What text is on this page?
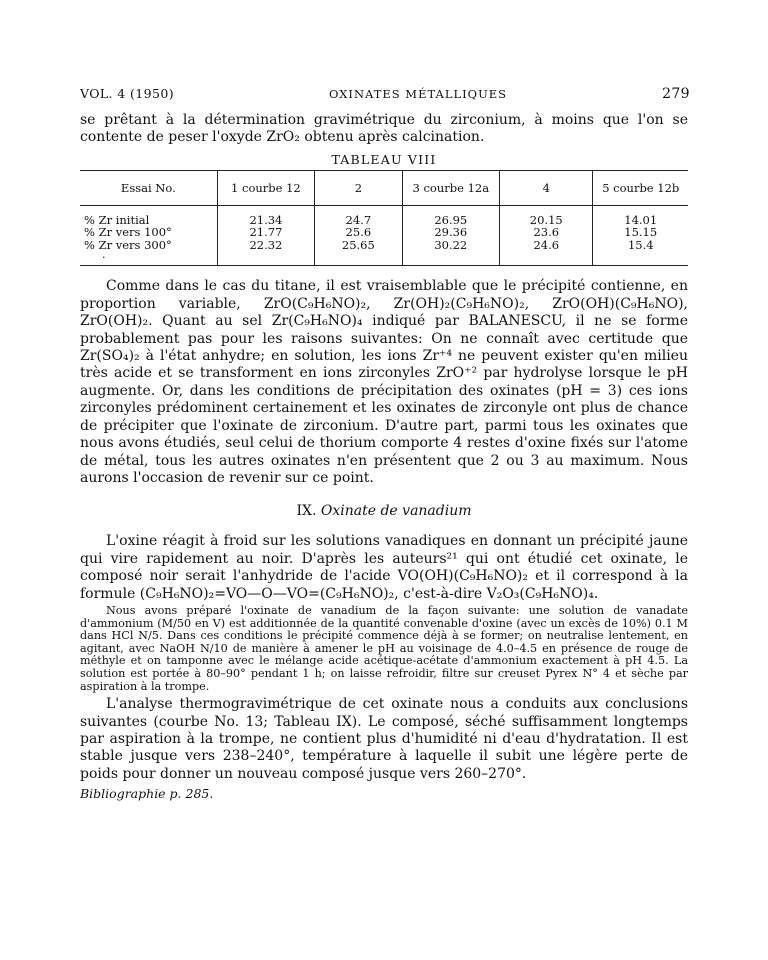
VOL. 4 (1950)	OXINATES MÉTALLIQUES	279

se prêtant à la détermination gravimétrique du zirconium, à moins que l'on se contente de peser l'oxyde ZrO₂ obtenu après calcination.

TABLEAU VIII
Essai No.	1 courbe 12	2	3 courbe 12a	4	5 courbe 12b
% Zr initial	21.34	24.7	26.95	20.15	14.01
% Zr vers 100°	21.77	25.6	29.36	23.6	15.15
% Zr vers 300°	22.32	25.65	30.22	24.6	15.4
·					

Comme dans le cas du titane, il est vraisemblable que le précipité contienne, en proportion variable, ZrO(C₉H₆NO)₂, Zr(OH)₂(C₉H₆NO)₂, ZrO(OH)(C₉H₆NO), ZrO(OH)₂. Quant au sel Zr(C₉H₆NO)₄ indiqué par BALANESCU, il ne se forme probablement pas pour les raisons suivantes: On ne connaît avec certitude que Zr(SO₄)₂ à l'état anhydre; en solution, les ions Zr⁺⁴ ne peuvent exister qu'en milieu très acide et se transforment en ions zirconyles ZrO⁺² par hydrolyse lorsque le pH augmente. Or, dans les conditions de précipitation des oxinates (pH = 3) ces ions zirconyles prédominent certainement et les oxinates de zirconyle ont plus de chance de précipiter que l'oxinate de zirconium. D'autre part, parmi tous les oxinates que nous avons étudiés, seul celui de thorium comporte 4 restes d'oxine fixés sur l'atome de métal, tous les autres oxinates n'en présentent que 2 ou 3 au maximum. Nous aurons l'occasion de revenir sur ce point.

IX. Oxinate de vanadium

L'oxine réagit à froid sur les solutions vanadiques en donnant un précipité jaune qui vire rapidement au noir. D'après les auteurs²¹ qui ont étudié cet oxinate, le composé noir serait l'anhydride de l'acide VO(OH)(C₉H₆NO)₂ et il correspond à la formule (C₉H₆NO)₂=VO—O—VO=(C₉H₆NO)₂, c'est-à-dire V₂O₃(C₉H₆NO)₄.

Nous avons préparé l'oxinate de vanadium de la façon suivante: une solution de vanadate d'ammonium (M/50 en V) est additionnée de la quantité convenable d'oxine (avec un excès de 10%) 0.1 M dans HCl N/5. Dans ces conditions le précipité commence déjà à se former; on neutralise lentement, en agitant, avec NaOH N/10 de manière à amener le pH au voisinage de 4.0–4.5 en présence de rouge de méthyle et on tamponne avec le mélange acide acétique-acétate d'ammonium exactement à pH 4.5. La solution est portée à 80–90° pendant 1 h; on laisse refroidir, filtre sur creuset Pyrex N° 4 et sèche par aspiration à la trompe.

L'analyse thermogravimétrique de cet oxinate nous a conduits aux conclusions suivantes (courbe No. 13; Tableau IX). Le composé, séché suffisamment longtemps par aspiration à la trompe, ne contient plus d'humidité ni d'eau d'hydratation. Il est stable jusque vers 238–240°, température à laquelle il subit une légère perte de poids pour donner un nouveau composé jusque vers 260–270°.

Bibliographie p. 285.
